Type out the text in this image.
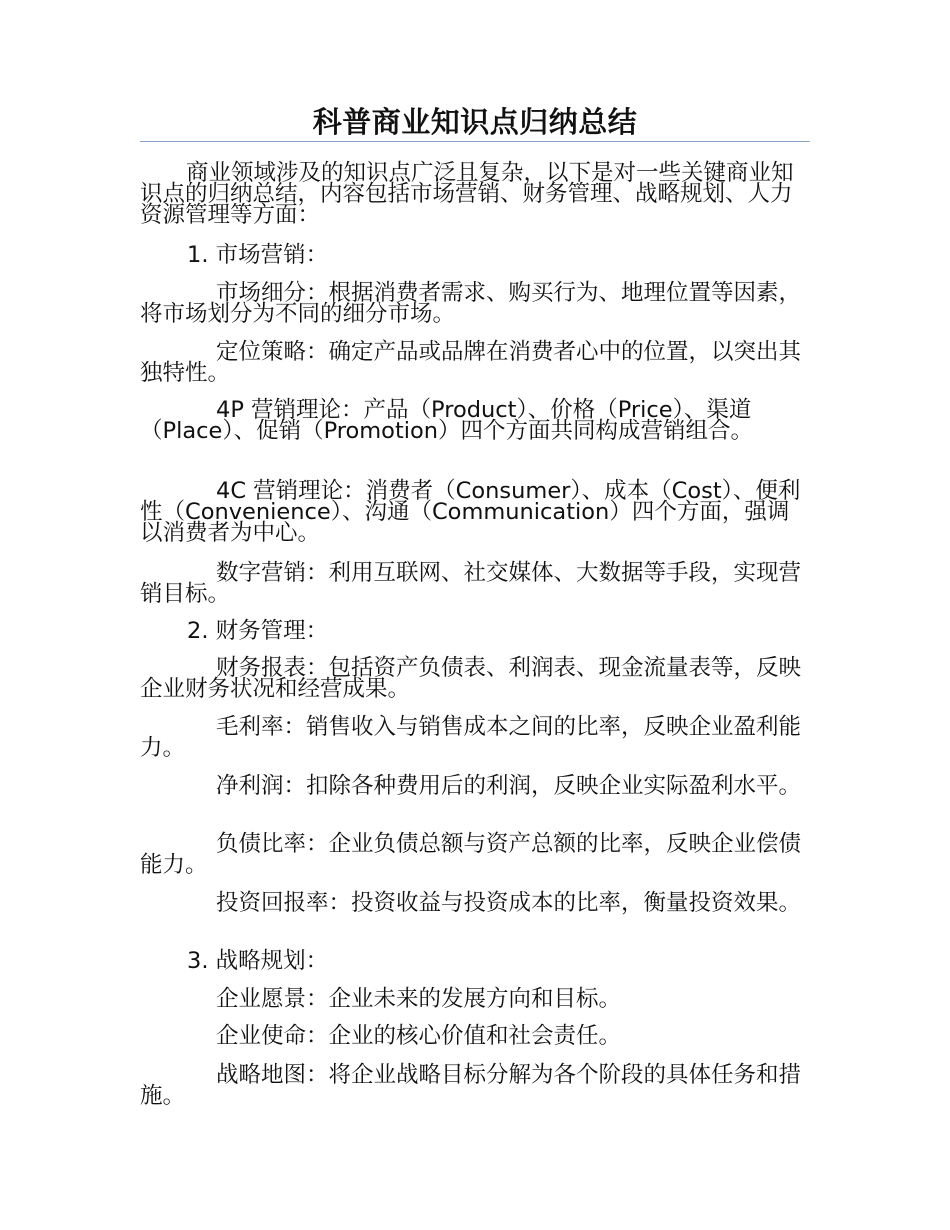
科普商业知识点归纳总结

商业领域涉及的知识点广泛且复杂，以下是对一些关键商业知识点的归纳总结，内容包括市场营销、财务管理、战略规划、人力资源管理等方面：

1. 市场营销：

市场细分：根据消费者需求、购买行为、地理位置等因素，将市场划分为不同的细分市场。

定位策略：确定产品或品牌在消费者心中的位置，以突出其独特性。

4P 营销理论：产品（Product）、价格（Price）、渠道（Place）、促销（Promotion）四个方面共同构成营销组合。

4C 营销理论：消费者（Consumer）、成本（Cost）、便利性（Convenience）、沟通（Communication）四个方面，强调以消费者为中心。

数字营销：利用互联网、社交媒体、大数据等手段，实现营销目标。

2. 财务管理：

财务报表：包括资产负债表、利润表、现金流量表等，反映企业财务状况和经营成果。

毛利率：销售收入与销售成本之间的比率，反映企业盈利能力。

净利润：扣除各种费用后的利润，反映企业实际盈利水平。

负债比率：企业负债总额与资产总额的比率，反映企业偿债能力。

投资回报率：投资收益与投资成本的比率，衡量投资效果。

3. 战略规划：

企业愿景：企业未来的发展方向和目标。

企业使命：企业的核心价值和社会责任。

战略地图：将企业战略目标分解为各个阶段的具体任务和措施。
